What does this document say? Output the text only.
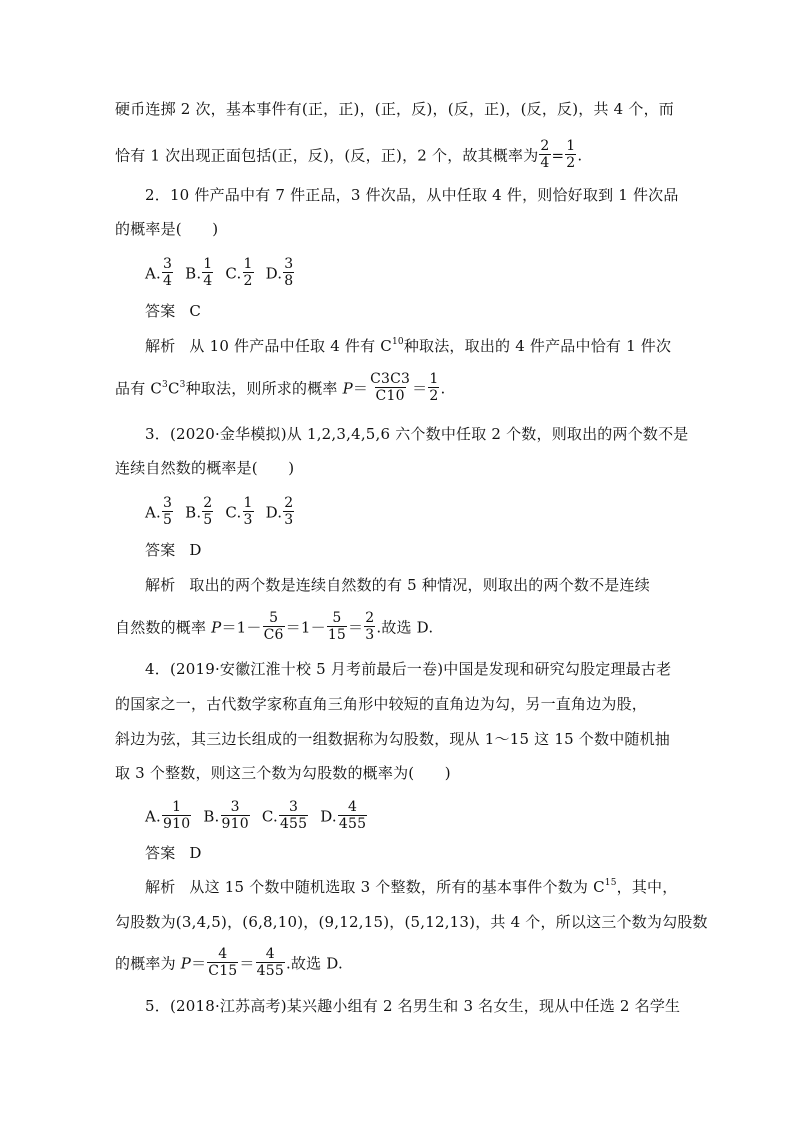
硬币连掷 2 次，基本事件有(正，正)，(正，反)，(反，正)，(反，反)，共 4 个，而
恰有 1 次出现正面包括(正，反)，(反，正)，2 个，故其概率为 $\frac{2}{4} = \frac{1}{2}$ .
2．10 件产品中有 7 件正品，3 件次品，从中任取 4 件，则恰好取到 1 件次品
的概率是(　　)
A. $\frac{3}{4} B$. $\frac{1}{4} C$. $\frac{1}{2} D$. $\frac{3}{8}$
答案 C
解析 从 10 件产品中任取 4 件有 $C^{10}$种取法，取出的 4 件产品中恰有 1 件次
品有 $C^3C^3$种取法，则所求的概率 $P= \frac{C3C3}{C10} = \frac{1}{2}$ .
3．(2020·金华模拟)从 1,2,3,4,5,6 六个数中任取 2 个数，则取出的两个数不是
连续自然数的概率是(　　)
A. $\frac{3}{5} B$. $\frac{2}{5} C$. $\frac{1}{3} D$. $\frac{2}{3}$
答案 D
解析 取出的两个数是连续自然数的有 5 种情况，则取出的两个数不是连续
自然数的概率 $P=1- \frac{5}{C6} =1- \frac{5}{15} = \frac{2}{3}$ .故选 D.
4．(2019·安徽江淮十校 5 月考前最后一卷)中国是发现和研究勾股定理最古老
的国家之一，古代数学家称直角三角形中较短的直角边为勾，另一直角边为股，
斜边为弦，其三边长组成的一组数据称为勾股数，现从 1～15 这 15 个数中随机抽
取 3 个整数，则这三个数为勾股数的概率为(　　)
A. $\frac{1}{910} B$. $\frac{3}{910} C$. $\frac{3}{455} D$. $\frac{4}{455}$
答案 D
解析 从这 15 个数中随机选取 3 个整数，所有的基本事件个数为 $C^{15}$，其中，
勾股数为(3,4,5)，(6,8,10)，(9,12,15)，(5,12,13)，共 4 个，所以这三个数为勾股数
的概率为 $P= \frac{4}{C15} = \frac{4}{455}$ .故选 D.
5．(2018·江苏高考)某兴趣小组有 2 名男生和 3 名女生，现从中任选 2 名学生
